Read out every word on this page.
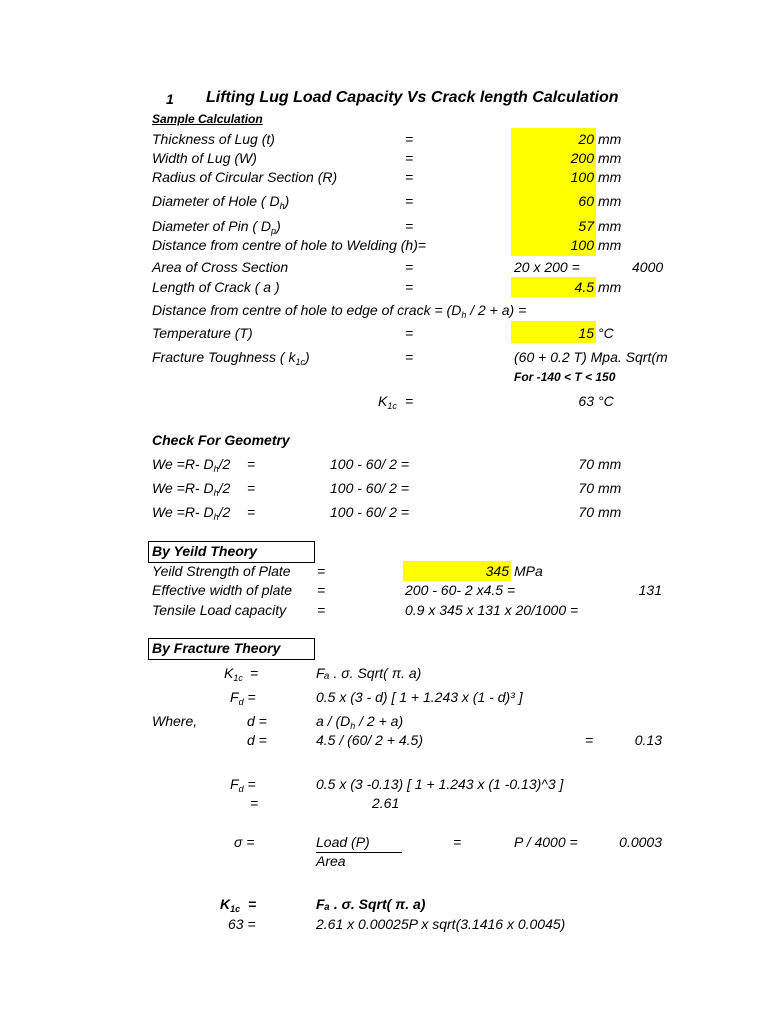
1 Lifting Lug Load Capacity Vs Crack length Calculation
Sample Calculation
Thickness of Lug (t)	=	20 mm
Width of Lug (W)	=	200 mm
Radius of Circular Section (R)	=	100 mm
Diameter of Hole ( $D_h$)	=	60 mm
Diameter of Pin ( $D_p$)	=	57 mm
Distance from centre of hole to Welding (h)=	100 mm
Area of Cross Section	=	20 x 200 =	4000
Length of Crack ( a )	=	4.5 mm
Distance from centre of hole to edge of crack = $(D_h / 2 + a)$ =
Temperature (T)	=	15 °C
Fracture Toughness ( $k_{1c}$)	=	(60 + 0.2 T) Mpa. Sqrt(m
For -140 < T < 150
$K_{1c}$ =	63 °C
Check For Geometry
We =R- $D_h/2$ =	100 - 60/ 2 =	70 mm
We =R- $D_h/2$ =	100 - 60/ 2 =	70 mm
We =R- $D_h/2$ =	100 - 60/ 2 =	70 mm
By Yeild Theory
Yeild Strength of Plate =	345 MPa
Effective width of plate =	200 - 60- 2 x4.5 =	131
Tensile Load capacity =	0.9 x 345 x 131 x 20/1000 =
By Fracture Theory
$K_{1c}$ =	Fₐ . σ. Sqrt( π. a)
$F_d$ =	0.5 x (3 - d) [ 1 + 1.243 x (1 - d)³ ]
Where,	d =	$a / (D_h / 2 + a)$
d =	4.5 / (60/ 2 + 4.5)	=	0.13
$F_d$ =	0.5 x (3 -0.13) [ 1 + 1.243 x (1 -0.13)^3 ]
=	2.61
σ =	Load (P)
Area
=	P / 4000 =	0.0003
$K_{1c}$ =	Fₐ . σ. Sqrt( π. a)
63 =	2.61 x 0.00025P x sqrt(3.1416 x 0.0045)
